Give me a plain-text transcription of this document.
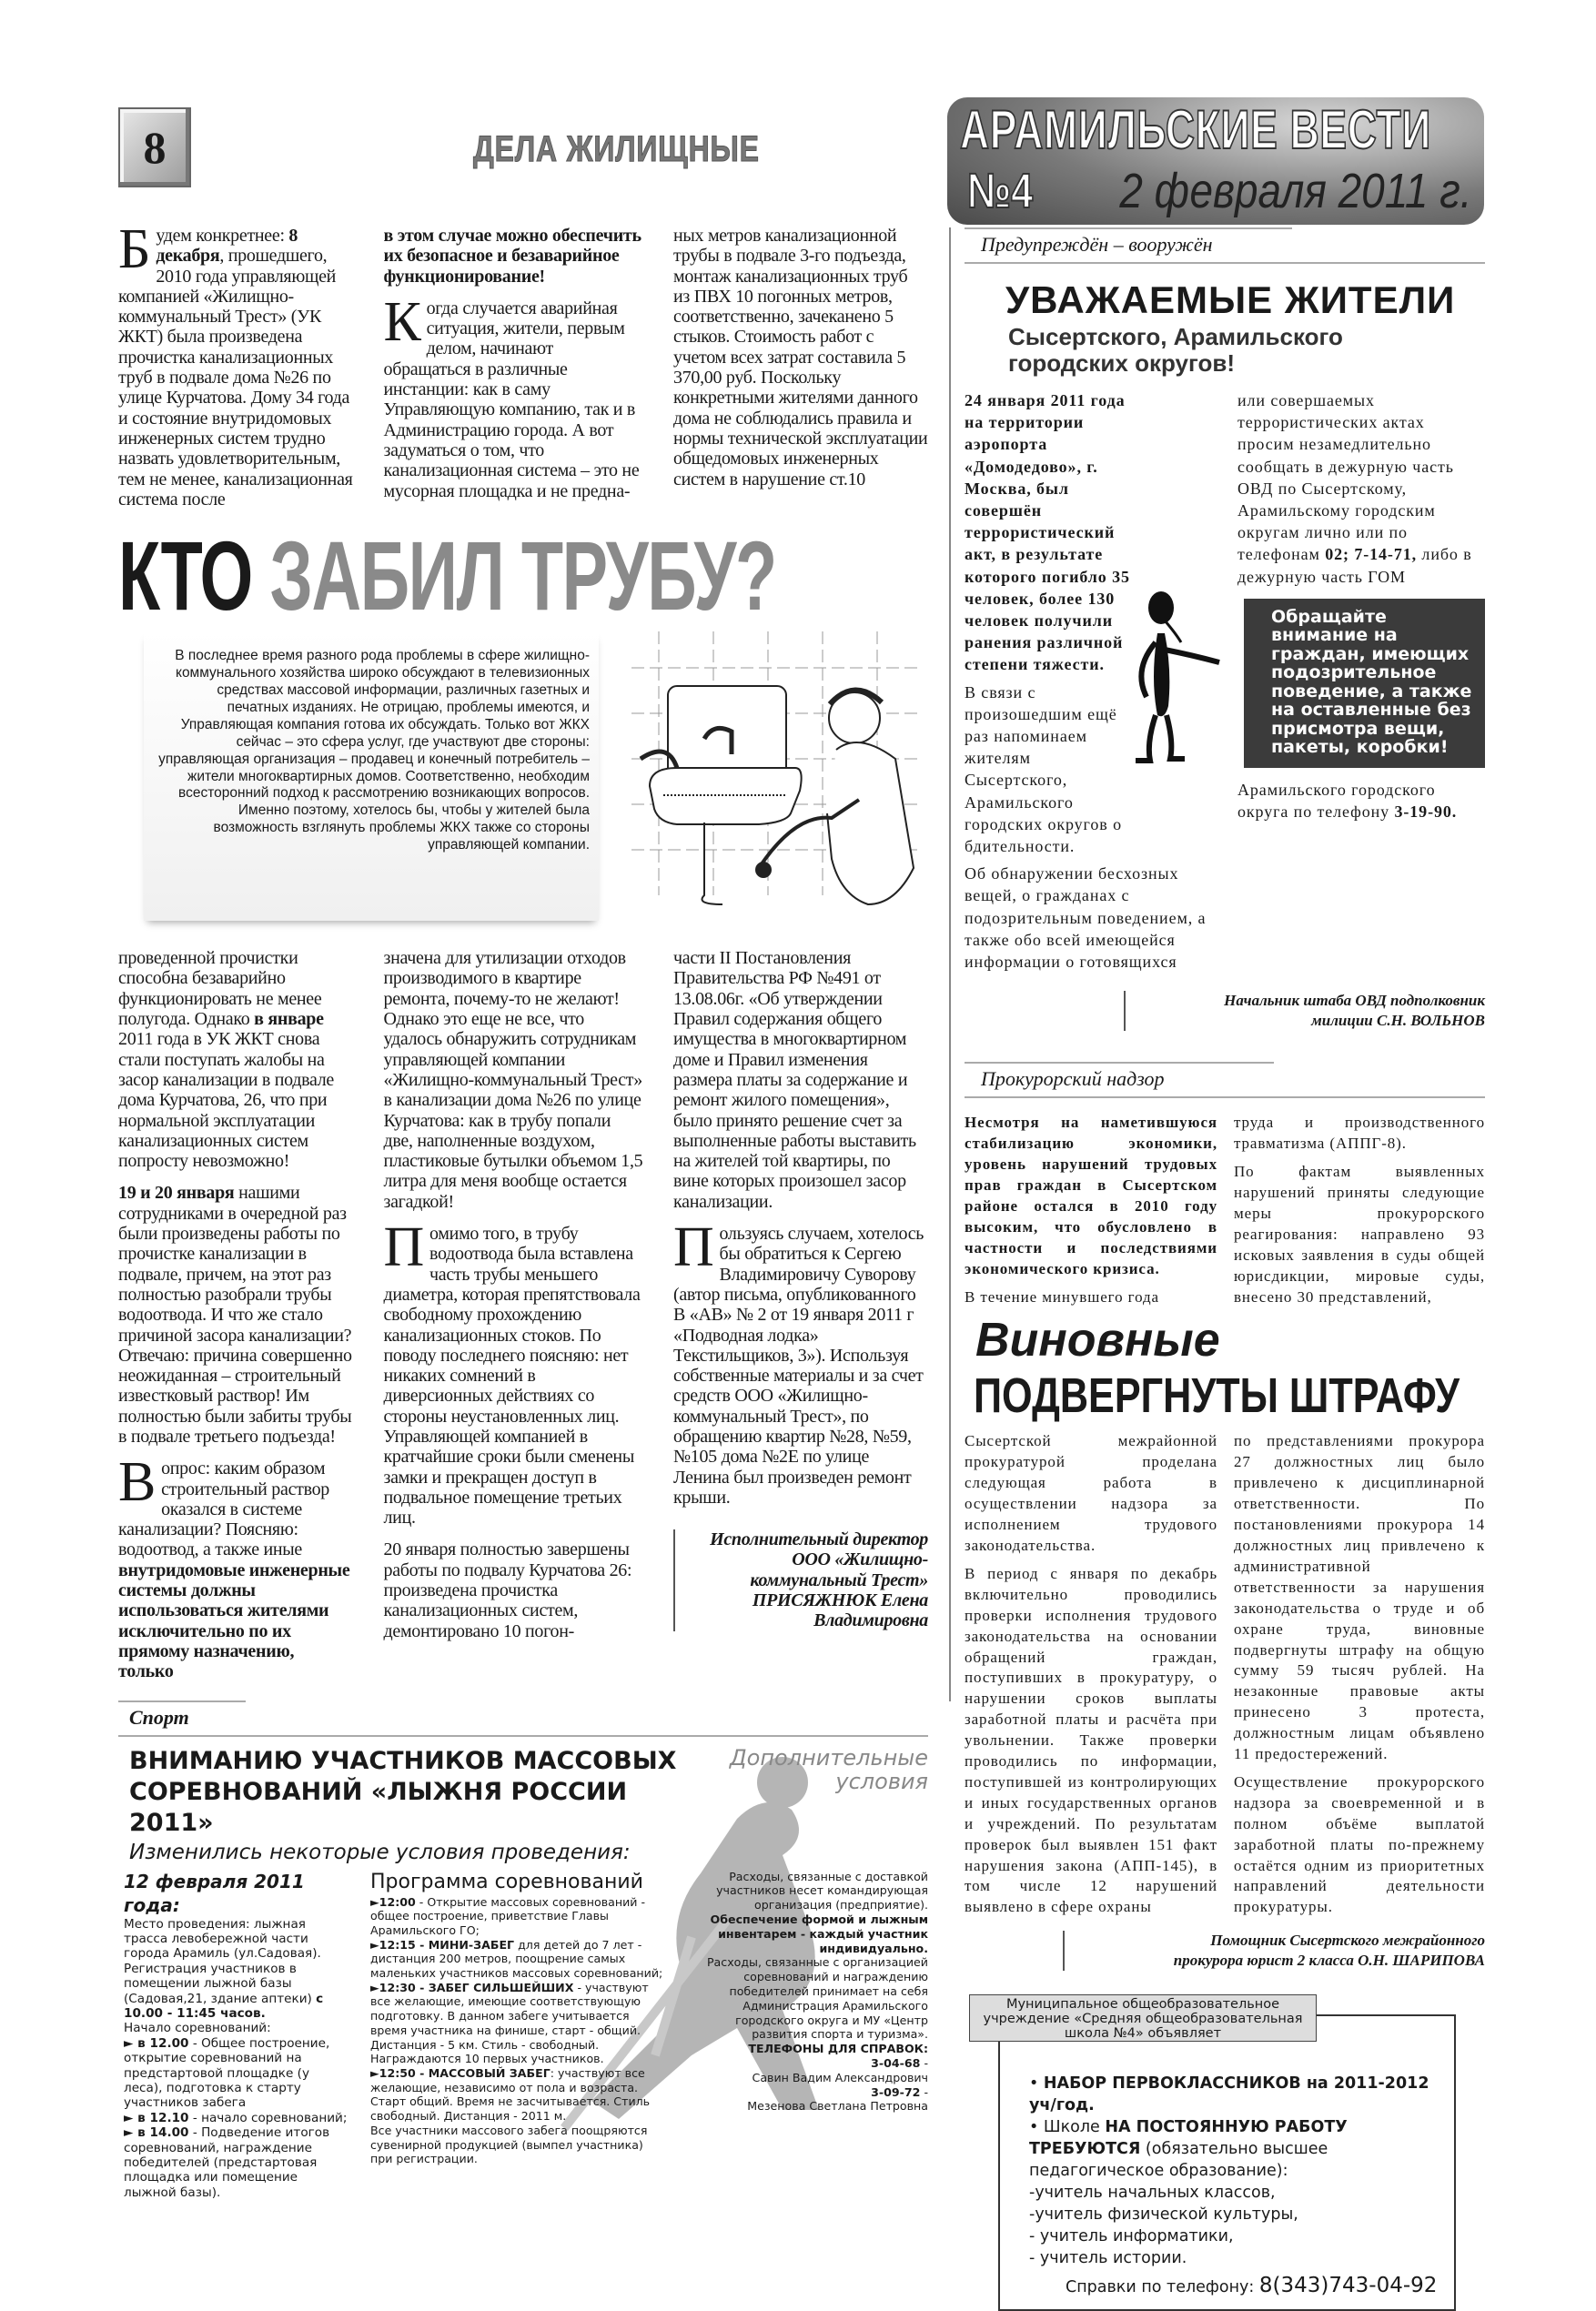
8	ДЕЛА ЖИЛИЩНЫЕ	АРАМИЛЬСКИЕ ВЕСТИ
№4 2 февраля 2011 г.

Будем конкретнее: 8 декабря, прошедшего, 2010 года управляющей компанией «Жилищно-коммунальный Трест» (УК ЖКТ) была произведена прочистка канализационных труб в подвале дома №26 по улице Курчатова. Дому 34 года и состояние внутридомовых инженерных систем трудно назвать удовлетворительным, тем не менее, канализационная система после

в этом случае можно обеспечить их безопасное и безаварийное функционирование!

Когда случается аварийная ситуация, жители, первым делом, начинают обращаться в различные инстанции: как в саму Управляющую компанию, так и в Администрацию города. А вот задуматься о том, что канализационная система – это не мусорная площадка и не предна-

ных метров канализационной трубы в подвале 3-го подъезда, монтаж канализационных труб из ПВХ 10 погонных метров, соответственно, зачеканено 5 стыков. Стоимость работ с учетом всех затрат составила 5 370,00 руб. Поскольку конкретными жителями данного дома не соблюдались правила и нормы технической эксплуатации общедомовых инженерных систем в нарушение ст.10

КТО ЗАБИЛ ТРУБУ?

В последнее время разного рода проблемы в сфере жилищно-коммунального хозяйства широко обсуждают в телевизионных средствах массовой информации, различных газетных и печатных изданиях. Не отрицаю, проблемы имеются, и Управляющая компания готова их обсуждать. Только вот ЖКХ сейчас – это сфера услуг, где участвуют две стороны: управляющая организация – продавец и конечный потребитель – жители многоквартирных домов. Соответственно, необходим всесторонний подход к рассмотрению возникающих вопросов. Именно поэтому, хотелось бы, чтобы у жителей была возможность взглянуть проблемы ЖКХ также со стороны управляющей компании.

проведенной прочистки способна безаварийно функционировать не менее полугода. Однако в январе 2011 года в УК ЖКТ снова стали поступать жалобы на засор канализации в подвале дома Курчатова, 26, что при нормальной эксплуатации канализационных систем попросту невозможно!

19 и 20 января нашими сотрудниками в очередной раз были произведены работы по прочистке канализации в подвале, причем, на этот раз полностью разобрали трубы водоотвода. И что же стало причиной засора канализации? Отвечаю: причина совершенно неожиданная – строительный известковый раствор! Им полностью были забиты трубы в подвале третьего подъезда!

Вопрос: каким образом строительный раствор оказался в системе канализации? Поясняю: водоотвод, а также иные внутридомовые инженерные системы должны использоваться жителями исключительно по их прямому назначению, только

значена для утилизации отходов производимого в квартире ремонта, почему-то не желают! Однако это еще не все, что удалось обнаружить сотрудникам управляющей компании «Жилищно-коммунальный Трест» в канализации дома №26 по улице Курчатова: как в трубу попали две, наполненные воздухом, пластиковые бутылки объемом 1,5 литра для меня вообще остается загадкой!

Помимо того, в трубу водоотвода была вставлена часть трубы меньшего диаметра, которая препятствовала свободному прохождению канализационных стоков. По поводу последнего поясняю: нет никаких сомнений в диверсионных действиях со стороны неустановленных лиц. Управляющей компанией в кратчайшие сроки были сменены замки и прекращен доступ в подвальное помещение третьих лиц.

20 января полностью завершены работы по подвалу Курчатова 26: произведена прочистка канализационных систем, демонтировано 10 погон-

части II Постановления Правительства РФ №491 от 13.08.06г. «Об утверждении Правил содержания общего имущества в многоквартирном доме и Правил изменения размера платы за содержание и ремонт жилого помещения», было принято решение счет за выполненные работы выставить на жителей той квартиры, по вине которых произошел засор канализации.

Пользуясь случаем, хотелось бы обратиться к Сергею Владимировичу Суворову (автор письма, опубликованного В «АВ» № 2 от 19 января 2011 г «Подводная лодка» Текстильщиков, 3»). Используя собственные материалы и за счет средств ООО «Жилищно-коммунальный Трест», по обращению квартир №28, №59, №105 дома №2Е по улице Ленина был произведен ремонт крыши.

Исполнительный директор ООО «Жилищно-коммунальный Трест»
ПРИСЯЖНЮК Елена Владимировна
Спорт
ВНИМАНИЮ УЧАСТНИКОВ МАССОВЫХ СОРЕВНОВАНИЙ «ЛЫЖНЯ РОССИИ 2011»
Изменились некоторые условия проведения:
Дополнительные условия
12 февраля 2011 года:

Место проведения: лыжная трасса левобережной части города Арамиль (ул.Садовая).

Регистрация участников в помещении лыжной базы (Садовая,21, здание аптеки) с 10.00 - 11:45 часов.

Начало соревнований:

► в 12.00 - Общее построение, открытие соревнований на предстартовой площадке (у леса), подготовка к старту участников забега

► в 12.10 - начало соревнований;

► в 14.00 - Подведение итогов соревнований, награждение победителей (предстартовая площадка или помещение лыжной базы).

Программа соревнований

►12:00 - Открытие массовых соревнований - общее построение, приветствие Главы Арамильского ГО;

►12:15 - МИНИ-ЗАБЕГ для детей до 7 лет - дистанция 200 метров, поощрение самых маленьких участников массовых соревнований;

►12:30 - ЗАБЕГ СИЛЬШЕЙШИХ - участвуют все желающие, имеющие соответствующую подготовку. В данном забеге учитывается время участника на финише, старт - общий. Дистанция - 5 км. Стиль - свободный. Награждаются 10 первых участников.

►12:50 - МАССОВЫЙ ЗАБЕГ: участвуют все желающие, независимо от пола и возраста. Старт общий. Время не засчитывается. Стиль свободный. Дистанция - 2011 м.

Все участники массового забега поощряются сувенирной продукцией (вымпел участника) при регистрации.

Расходы, связанные с доставкой участников несет командирующая организация (предприятие).

Обеспечение формой и лыжным инвентарем - каждый участник индивидуально.

Расходы, связанные с организацией соревнований и награждению победителей принимает на себя Администрация Арамильского городского округа и МУ «Центр развития спорта и туризма».

ТЕЛЕФОНЫ ДЛЯ СПРАВОК:

3-04-68 -

Савин Вадим Александрович

3-09-72 -

Мезенова Светлана Петровна

Предупреждён – вооружён
УВАЖАЕМЫЕ ЖИТЕЛИ
Сысертского, Арамильского городских округов!

24 января 2011 года на территории аэропорта «Домодедово», г. Москва, был совершён террористический акт, в результате которого погибло 35 человек, более 130 человек получили ранения различной степени тяжести.

В связи с произошедшим ещё раз напоминаем жителям Сысертского, Арамильского городских округов о бдительности.

Об обнаружении бесхозных вещей, о гражданах с подозрительным поведением, а также обо всей имеющейся информации о готовящихся

или совершаемых террористических актах просим незамедлительно сообщать в дежурную часть ОВД по Сысертскому, Арамильскому городским округам лично или по телефонам 02; 7-14-71, либо в дежурную часть ГОМ

Обращайте внимание на граждан, имеющих подозрительное поведение, а также на оставленные без присмотра вещи, пакеты, коробки!

Арамильского городского округа по телефону 3-19-90.

Начальник штаба ОВД подполковник
милиции С.Н. ВОЛЬНОВ
Прокурорский надзор

Несмотря на наметившуюся стабилизацию экономики, уровень нарушений трудовых прав граждан в Сысертском районе остался в 2010 году высоким, что обусловлено в частности и последствиями экономического кризиса.

В течение минувшего года

труда и производственного травматизма (АППГ-8).

По фактам выявленных нарушений приняты следующие меры прокурорского реагирования: направлено 93 исковых заявления в суды общей юрисдикции, мировые суды, внесено 30 представлений,

Виновные
ПОДВЕРГНУТЫ ШТРАФУ

Сысертской межрайонной прокуратурой проделана следующая работа в осуществлении надзора за исполнением трудового законодательства.

В период с января по декабрь включительно проводились проверки исполнения трудового законодательства на основании обращений граждан, поступивших в прокуратуру, о нарушении сроков выплаты заработной платы и расчёта при увольнении. Также проверки проводились по информации, поступившей из контролирующих и иных государственных органов и учреждений. По результатам проверок был выявлен 151 факт нарушения закона (АПП-145), в том числе 12 нарушений выявлено в сфере охраны

по представлениями прокурора 27 должностных лиц было привлечено к дисциплинарной ответственности. По постановлениями прокурора 14 должностных лиц привлечено к административной ответственности за нарушения законодательства о труде и об охране труда, виновные подвергнуты штрафу на общую сумму 59 тысяч рублей. На незаконные правовые акты принесено 3 протеста, должностным лицам объявлено 11 предостережений.

Осуществление прокурорского надзора за своевременной и в полном объёме выплатой заработной платы по-прежнему остаётся одним из приоритетных направлений деятельности прокуратуры.

Помощник Сысертского межрайонного
прокурора юрист 2 класса О.Н. ШАРИПОВА

• НАБОР ПЕРВОКЛАССНИКОВ на 2011-2012 уч/год.

• Школе НА ПОСТОЯННУЮ РАБОТУ ТРЕБУЮТСЯ (обязательно высшее педагогическое образование):

-учитель начальных классов,

-учитель физической культуры,

- учитель информатики,

- учитель истории.

Справки по телефону: 8(343)743-04-92
Муниципальное общеобразовательное учреждение «Средняя общеобразовательная школа №4» объявляет
